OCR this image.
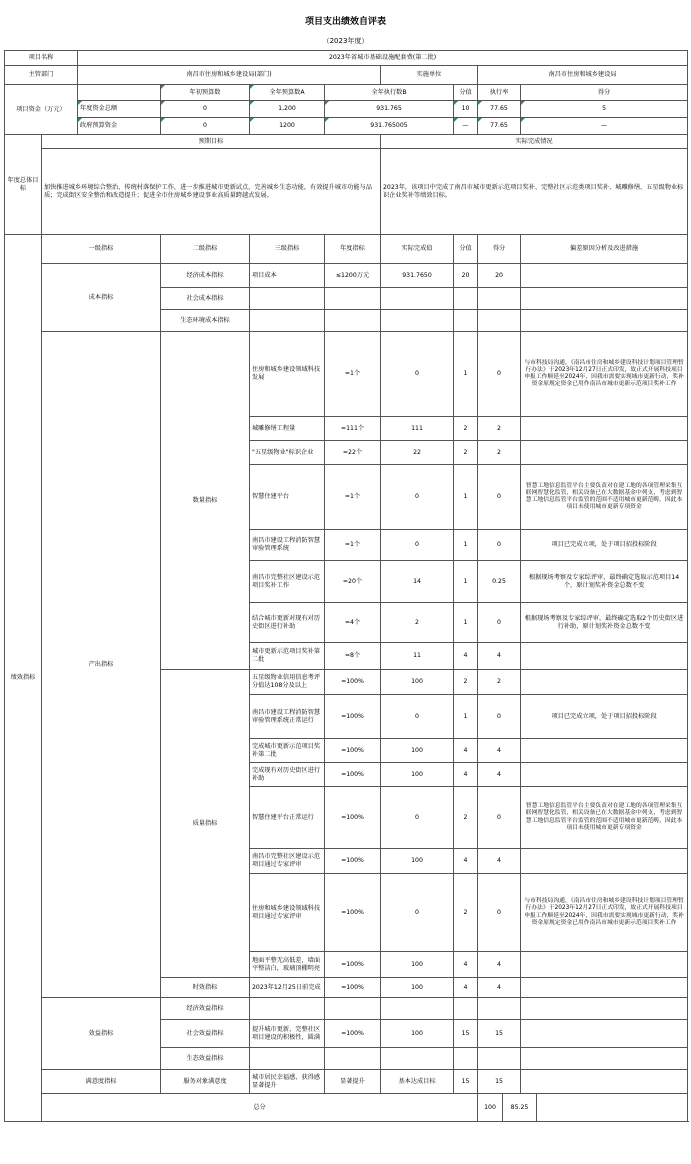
项目支出绩效自评表
（2023年度）
项目名称		2023年省城市基础设施配套费(第二批)									
主管部门		南昌市住房和城乡建设局(部门)				实施单位		南昌市住房和城乡建设局			
项目资金（万元）			年初预算数	全年预算数A	全年执行数B		分值	执行率		得分	
		年度资金总额	0	1,200	931.765		10	77.65		5	
		政府预算资金	0	1200	931.765005		—	77.65		—	
年度总体目标	预期目标					实际完成情况					
	加快推进城乡环境综合整治、传统村落保护工作，进一步推进城市更新试点，完善城乡生态功能，有效提升城市功能与品质；完成街区安全整治和改造提升；促进全市住房城乡建设事业高质量跨越式发展。					2023年，该项目中完成了南昌市城市更新示范项目奖补、完整社区示范类项目奖补、城雕修缮、五星级物业标识企业奖补等绩效目标。					
绩效指标	一级指标		二级指标	三级指标	年度指标	实际完成值	分值	得分		偏差原因分析及改进措施	
	成本指标		经济成本指标	项目成本	≤1200万元	931.7650	20	20			
			社会成本指标								
			生态环境成本指标								
	产出指标		数量指标	住房和城乡建设领域科技发展	=1个	0	1	0		与市科技局沟通，《南昌市住房和城乡建设科技计划项目管理暂行办法》于2023年12月27日正式印发，故正式开展科技项目申报工作顺延至2024年，因我市需要实现城市更新行动，奖补资金原规定资金已用作南昌市城市更新示范项目奖补工作	
				城雕修缮工程量	=111个	111	2	2			
				"五星级物业"标识企业	=22个	22	2	2			
				智慧住建平台	=1个	0	1	0		智慧工地信息监管平台主要负责对在建工地的各项管理采集互联网智慧化监管，相关设备已在大数据基金中列支，考虑到智慧工地信息监管平台监管的范围不适用城市更新范畴，因此本项目未使用城市更新专项资金	
				南昌市建设工程消防智慧审验管理系统	=1个	0	1	0		项目已完成立项，处于项目招投标阶段	
				南昌市完整社区建设示范项目奖补工作	=20个	14	1	0.25		根据现场考察及专家综评审，最终确定选取示范项目14个，原计划奖补资金总数不变	
				结合城市更新对现有对历史街区进行补助	=4个	2	1	0		根据现场考察及专家综评审，最终确定选取2个历史街区进行补助，原计划奖补资金总数不变	
				城市更新示范项目奖补第二批	=8个	11	4	4			
			质量指标	五星级物业信用信息考评分值达108分及以上	=100%	100	2	2			
				南昌市建设工程消防智慧审验管理系统正常运行	=100%	0	1	0		项目已完成立项，处于项目招投标阶段	
				完成城市更新示范项目奖补第二批	=100%	100	4	4			
				完成现有对历史街区进行补助	=100%	100	4	4			
				智慧住建平台正常运行	=100%	0	2	0		智慧工地信息监管平台主要负责对在建工地的各项管理采集互联网智慧化监管，相关设备已在大数据基金中列支，考虑到智慧工地信息监管平台监管的范围不适用城市更新范畴，因此本项目未使用城市更新专项资金	
				南昌市完整社区建设示范项目通过专家评审	=100%	100	4	4			
				住房和城乡建设领域科技项目通过专家评审	=100%	0	2	0		与市科技局沟通，《南昌市住房和城乡建设科技计划项目管理暂行办法》于2023年12月27日正式印发，故正式开展科技项目申报工作顺延至2024年，因我市需要实现城市更新行动，奖补资金原规定资金已用作南昌市城市更新示范项目奖补工作	
				地面平整无高低差，墙面平整洁白，玻璃顶棚明亮	=100%	100	4	4			
			时效指标	2023年12月25日前完成	=100%	100	4	4			
	效益指标		经济效益指标								
			社会效益指标	提升城市更新、完整社区项目建设的积极性，圆满	=100%	100	15	15			
			生态效益指标								
	满意度指标		服务对象满意度	城市居民幸福感、获得感显著提升	显著提升	基本达成目标	15	15			
	总分							100	85.25		
